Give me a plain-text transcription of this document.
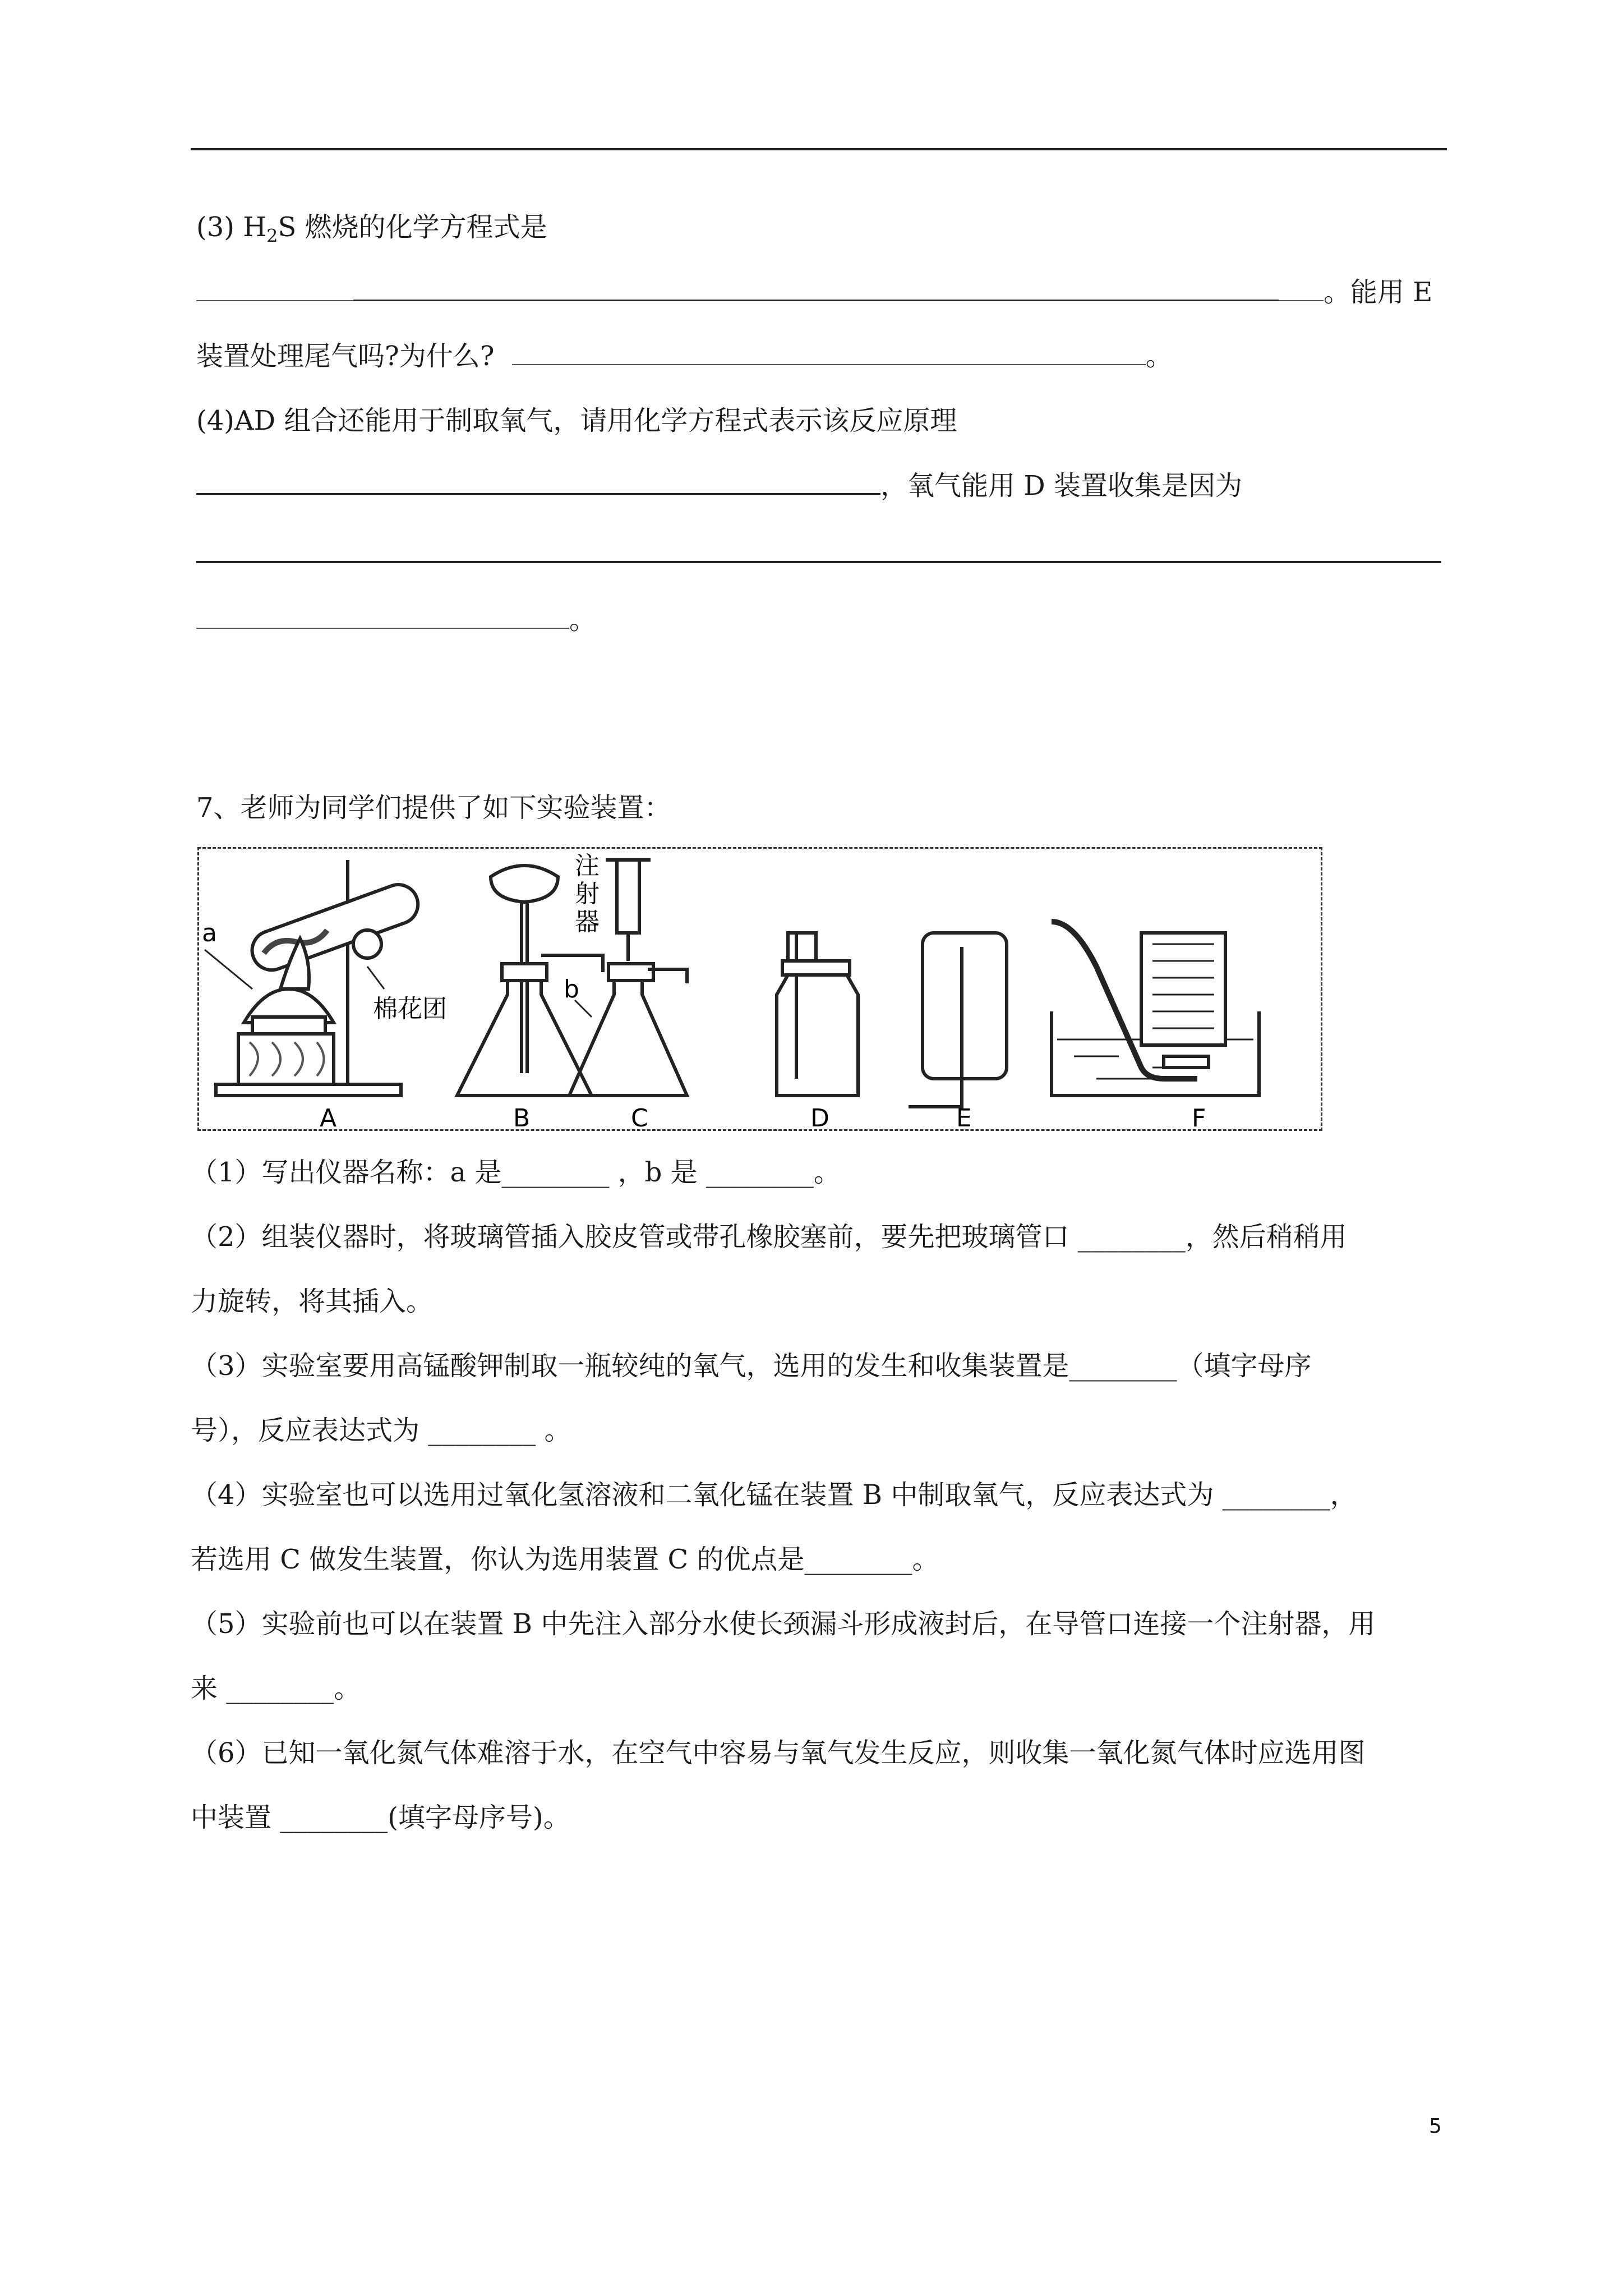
(3) $H_2S$ 燃烧的化学方程式是
。能用 E
装置处理尾气吗?为什么?	。
(4)AD 组合还能用于制取氧气，请用化学方程式表示该反应原理
，氧气能用 D 装置收集是因为
。
7、老师为同学们提供了如下实验装置：
a
棉花团
注
射
器
b
A	B	C	D	E	F
（1）写出仪器名称：a 是________ ，b 是 ________。
（2）组装仪器时，将玻璃管插入胶皮管或带孔橡胶塞前，要先把玻璃管口 ________，然后稍稍用
力旋转，将其插入。
（3）实验室要用高锰酸钾制取一瓶较纯的氧气，选用的发生和收集装置是________（填字母序
号），反应表达式为 ________ 。
（4）实验室也可以选用过氧化氢溶液和二氧化锰在装置 B 中制取氧气，反应表达式为 ________，
若选用 C 做发生装置，你认为选用装置 C 的优点是________。
（5）实验前也可以在装置 B 中先注入部分水使长颈漏斗形成液封后，在导管口连接一个注射器，用
来 ________。
（6）已知一氧化氮气体难溶于水，在空气中容易与氧气发生反应，则收集一氧化氮气体时应选用图
中装置 ________(填字母序号)。
5
